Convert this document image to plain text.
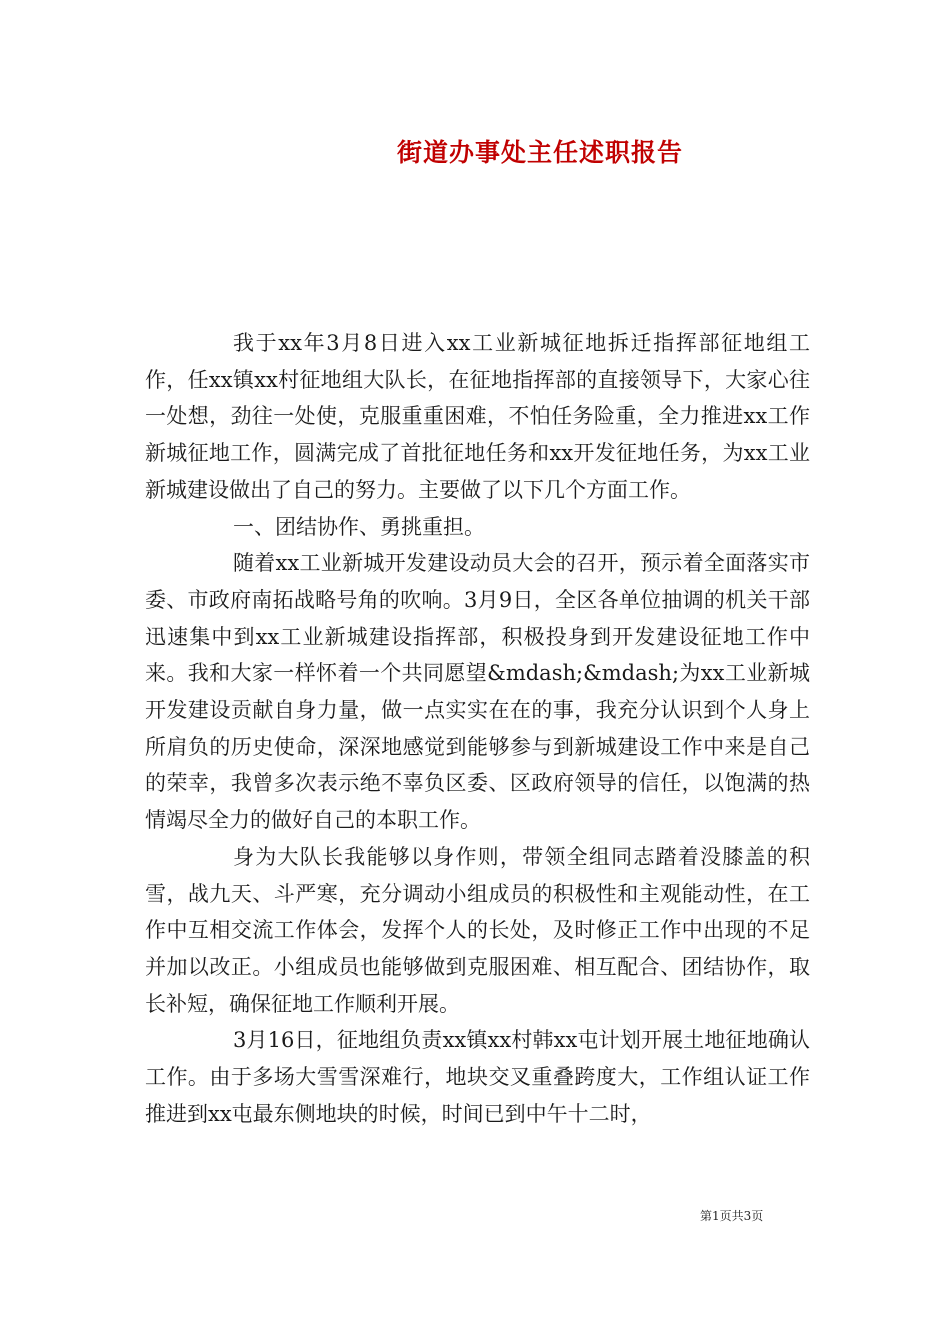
街道办事处主任述职报告

我于xx年3月8日进入xx工业新城征地拆迁指挥部征地组工作，任xx镇xx村征地组大队长，在征地指挥部的直接领导下，大家心往一处想，劲往一处使，克服重重困难，不怕任务险重，全力推进xx工作新城征地工作，圆满完成了首批征地任务和xx开发征地任务，为xx工业新城建设做出了自己的努力。主要做了以下几个方面工作。

一、团结协作、勇挑重担。

随着xx工业新城开发建设动员大会的召开，预示着全面落实市委、市政府南拓战略号角的吹响。3月9日，全区各单位抽调的机关干部迅速集中到xx工业新城建设指挥部，积极投身到开发建设征地工作中来。我和大家一样怀着一个共同愿望&mdash;&mdash;为xx工业新城开发建设贡献自身力量，做一点实实在在的事，我充分认识到个人身上所肩负的历史使命，深深地感觉到能够参与到新城建设工作中来是自己的荣幸，我曾多次表示绝不辜负区委、区政府领导的信任，以饱满的热情竭尽全力的做好自己的本职工作。

身为大队长我能够以身作则，带领全组同志踏着没膝盖的积雪，战九天、斗严寒，充分调动小组成员的积极性和主观能动性，在工作中互相交流工作体会，发挥个人的长处，及时修正工作中出现的不足并加以改正。小组成员也能够做到克服困难、相互配合、团结协作，取长补短，确保征地工作顺利开展。

3月16日，征地组负责xx镇xx村韩xx屯计划开展土地征地确认工作。由于多场大雪雪深难行，地块交叉重叠跨度大，工作组认证工作推进到xx屯最东侧地块的时候，时间已到中午十二时，

第1页共3页
